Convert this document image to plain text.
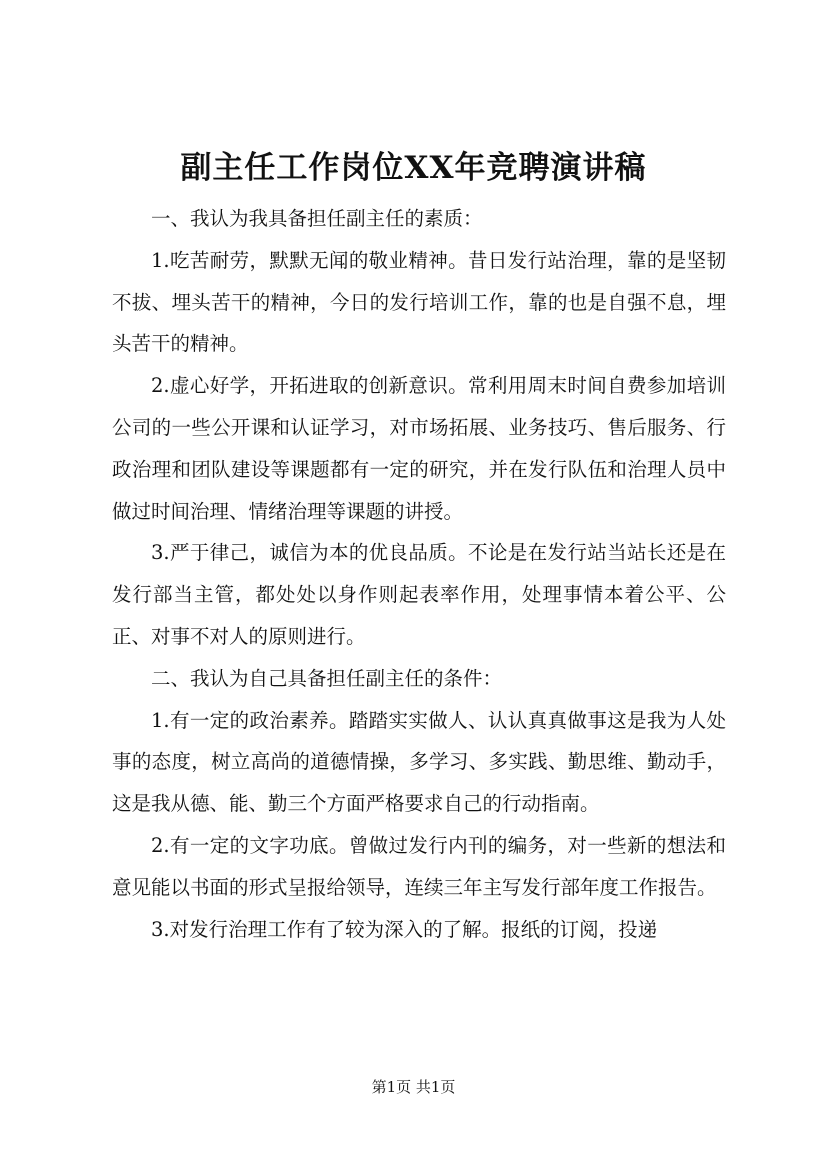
副主任工作岗位XX年竞聘演讲稿

一、我认为我具备担任副主任的素质：

1.吃苦耐劳，默默无闻的敬业精神。昔日发行站治理，靠的是坚韧不拔、埋头苦干的精神，今日的发行培训工作，靠的也是自强不息，埋头苦干的精神。

2.虚心好学，开拓进取的创新意识。常利用周末时间自费参加培训公司的一些公开课和认证学习，对市场拓展、业务技巧、售后服务、行政治理和团队建设等课题都有一定的研究，并在发行队伍和治理人员中做过时间治理、情绪治理等课题的讲授。

3.严于律己，诚信为本的优良品质。不论是在发行站当站长还是在发行部当主管，都处处以身作则起表率作用，处理事情本着公平、公正、对事不对人的原则进行。

二、我认为自己具备担任副主任的条件：

1.有一定的政治素养。踏踏实实做人、认认真真做事这是我为人处事的态度，树立高尚的道德情操，多学习、多实践、勤思维、勤动手，这是我从德、能、勤三个方面严格要求自己的行动指南。

2.有一定的文字功底。曾做过发行内刊的编务，对一些新的想法和意见能以书面的形式呈报给领导，连续三年主写发行部年度工作报告。

3.对发行治理工作有了较为深入的了解。报纸的订阅，投递

第1页 共1页
